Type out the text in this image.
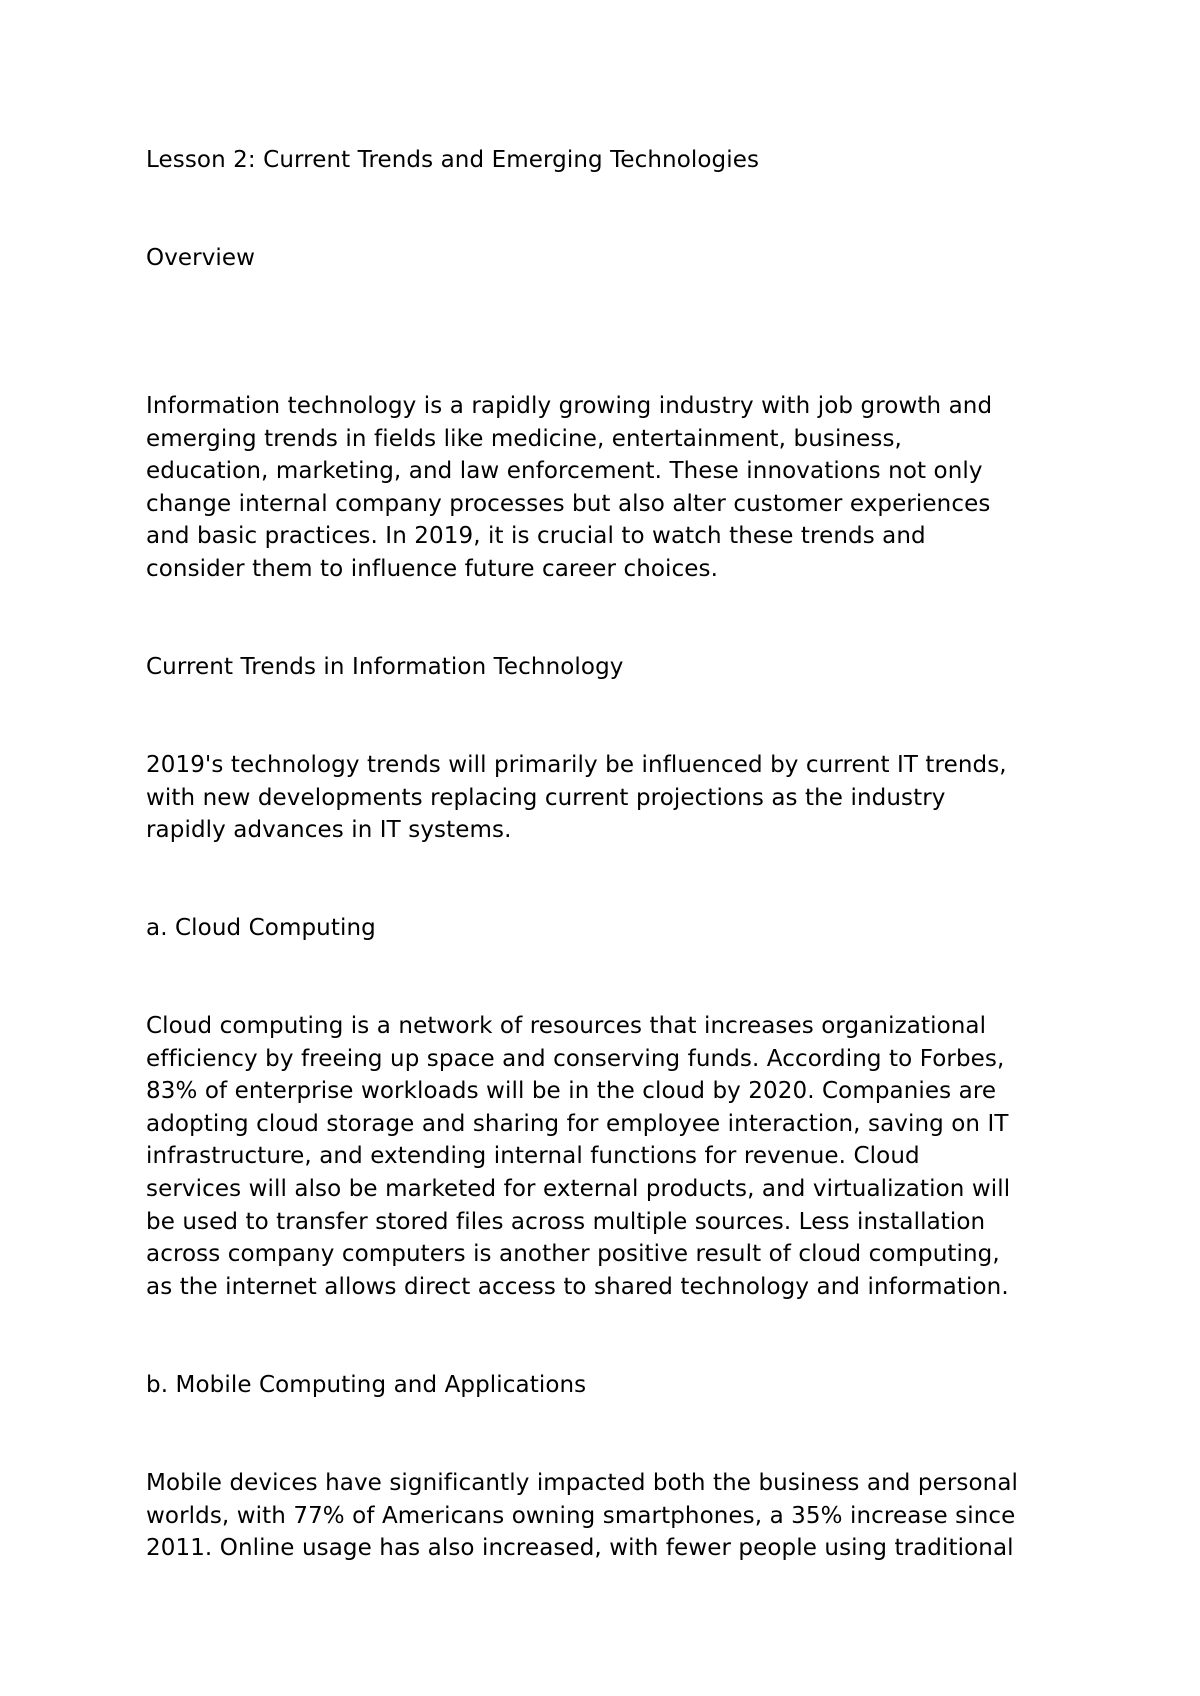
Lesson 2: Current Trends and Emerging Technologies

Overview

Information technology is a rapidly growing industry with job growth and
emerging trends in fields like medicine, entertainment, business,
education, marketing, and law enforcement. These innovations not only
change internal company processes but also alter customer experiences
and basic practices. In 2019, it is crucial to watch these trends and
consider them to influence future career choices.

Current Trends in Information Technology

2019's technology trends will primarily be influenced by current IT trends,
with new developments replacing current projections as the industry
rapidly advances in IT systems.

a. Cloud Computing

Cloud computing is a network of resources that increases organizational
efficiency by freeing up space and conserving funds. According to Forbes,
83% of enterprise workloads will be in the cloud by 2020. Companies are
adopting cloud storage and sharing for employee interaction, saving on IT
infrastructure, and extending internal functions for revenue. Cloud
services will also be marketed for external products, and virtualization will
be used to transfer stored files across multiple sources. Less installation
across company computers is another positive result of cloud computing,
as the internet allows direct access to shared technology and information.

b. Mobile Computing and Applications

Mobile devices have significantly impacted both the business and personal
worlds, with 77% of Americans owning smartphones, a 35% increase since
2011. Online usage has also increased, with fewer people using traditional
